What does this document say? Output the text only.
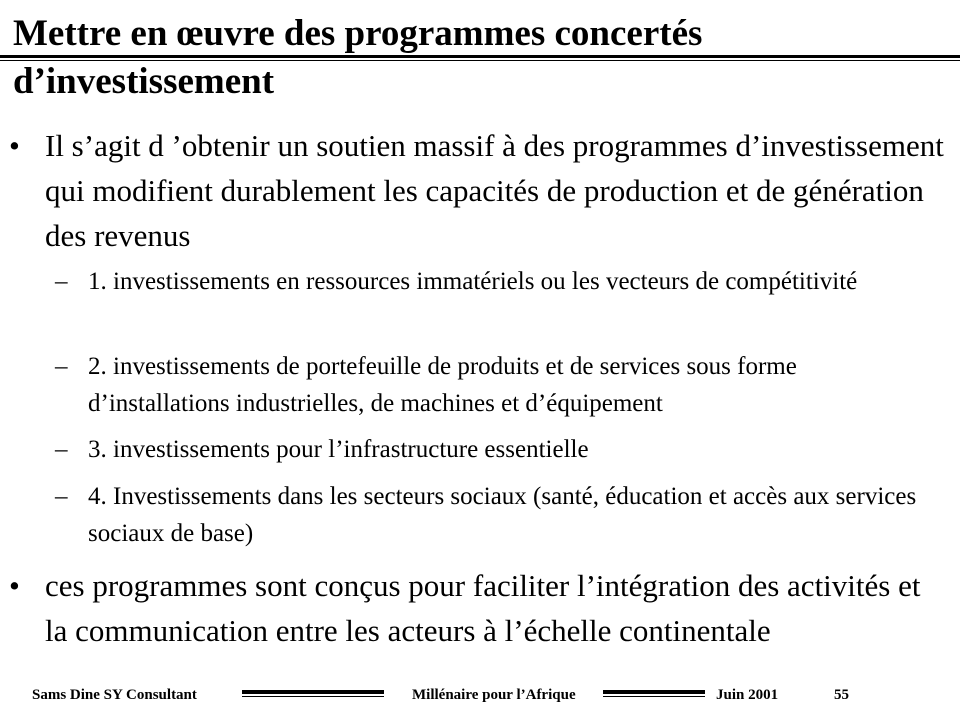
Mettre en œuvre des programmes concertés d’investissement
• Il s’agit d ’obtenir un soutien massif à des programmes d’investissement qui modifient durablement les capacités de production et de génération des revenus
– 1. investissements en ressources immatériels ou les vecteurs de compétitivité
– 2. investissements de portefeuille de produits et de services sous forme d’installations industrielles, de machines et d’équipement
– 3. investissements pour l’infrastructure essentielle
– 4. Investissements dans les secteurs sociaux (santé, éducation et accès aux services sociaux de base)
• ces programmes sont conçus pour faciliter l’intégration des activités et la communication entre les acteurs à l’échelle continentale
Sams Dine SY Consultant	Millénaire pour l’Afrique	Juin 2001	55
